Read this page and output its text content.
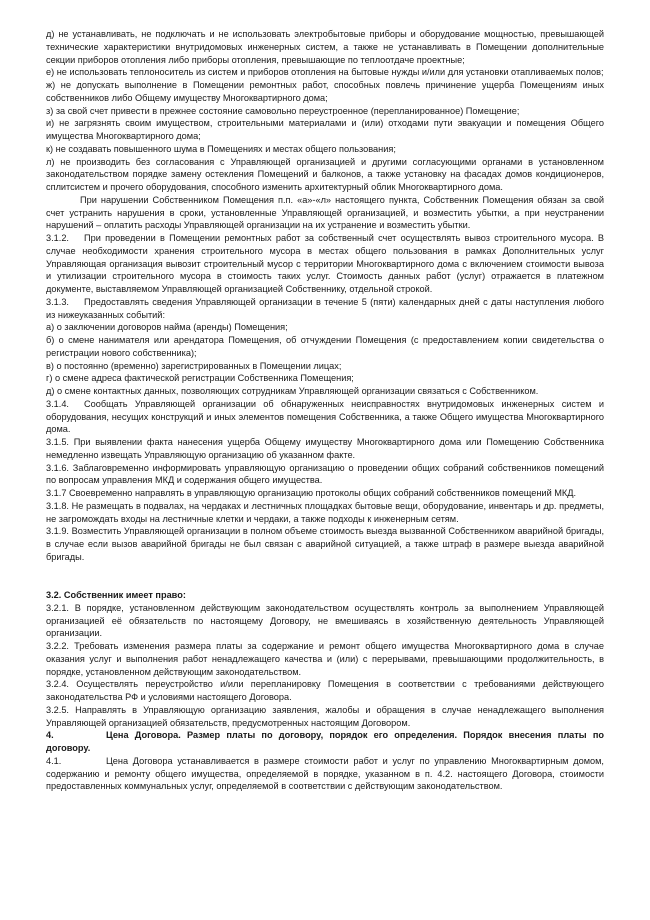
д) не устанавливать, не подключать и не использовать электробытовые приборы и оборудование мощностью, превышающей технические характеристики внутридомовых инженерных систем, а также не устанавливать в Помещении дополнительные секции приборов отопления либо приборы отопления, превышающие по теплоотдаче проектные;

е) не использовать теплоноситель из систем и приборов отопления на бытовые нужды и/или для установки отапливаемых полов;

ж) не допускать выполнение в Помещении ремонтных работ, способных повлечь причинение ущерба Помещениям иных собственников либо Общему имуществу Многоквартирного дома;

з) за свой счет привести в прежнее состояние самовольно переустроенное (перепланированное) Помещение;

и) не загрязнять своим имуществом, строительными материалами и (или) отходами пути эвакуации и помещения Общего имущества Многоквартирного дома;

к) не создавать повышенного шума в Помещениях и местах общего пользования;

л) не производить без согласования с Управляющей организацией и другими согласующими органами в установленном законодательством порядке замену остекления Помещений и балконов, а также установку на фасадах домов кондиционеров, сплитсистем и прочего оборудования, способного изменить архитектурный облик Многоквартирного дома.

При нарушении Собственником Помещения п.п. «а»-«л» настоящего пункта, Собственник Помещения обязан за свой счет устранить нарушения в сроки, установленные Управляющей организацией, и возместить убытки, а при неустранении нарушений – оплатить расходы Управляющей организации на их устранение и возместить убытки.

3.1.2. При проведении в Помещении ремонтных работ за собственный счет осуществлять вывоз строительного мусора. В случае необходимости хранения строительного мусора в местах общего пользования в рамках Дополнительных услуг Управляющая организация вывозит строительный мусор с территории Многоквартирного дома с включением стоимости вывоза и утилизации строительного мусора в стоимость таких услуг. Стоимость данных работ (услуг) отражается в платежном документе, выставляемом Управляющей организацией Собственнику, отдельной строкой.

3.1.3. Предоставлять сведения Управляющей организации в течение 5 (пяти) календарных дней с даты наступления любого из нижеуказанных событий:

а) о заключении договоров найма (аренды) Помещения;

б) о смене нанимателя или арендатора Помещения, об отчуждении Помещения (с предоставлением копии свидетельства о регистрации нового собственника);

в) о постоянно (временно) зарегистрированных в Помещении лицах;

г) о смене адреса фактической регистрации Собственника Помещения;

д) о смене контактных данных, позволяющих сотрудникам Управляющей организации связаться с Собственником.

3.1.4. Сообщать Управляющей организации об обнаруженных неисправностях внутридомовых инженерных систем и оборудования, несущих конструкций и иных элементов помещения Собственника, а также Общего имущества Многоквартирного дома.

3.1.5. При выявлении факта нанесения ущерба Общему имуществу Многоквартирного дома или Помещению Собственника немедленно извещать Управляющую организацию об указанном факте.

3.1.6. Заблаговременно информировать управляющую организацию о проведении общих собраний собственников помещений по вопросам управления МКД и содержания общего имущества.

3.1.7 Своевременно направлять в управляющую организацию протоколы общих собраний собственников помещений МКД.

3.1.8. Не размещать в подвалах, на чердаках и лестничных площадках бытовые вещи, оборудование, инвентарь и др. предметы, не загромождать входы на лестничные клетки и чердаки, а также подходы к инженерным сетям.

3.1.9. Возместить Управляющей организации в полном объеме стоимость выезда вызванной Собственником аварийной бригады, в случае если вызов аварийной бригады не был связан с аварийной ситуацией, а также штраф в размере выезда аварийной бригады.

3.2. Собственник имеет право:

3.2.1. В порядке, установленном действующим законодательством осуществлять контроль за выполнением Управляющей организацией её обязательств по настоящему Договору, не вмешиваясь в хозяйственную деятельность Управляющей организации.

3.2.2. Требовать изменения размера платы за содержание и ремонт общего имущества Многоквартирного дома в случае оказания услуг и выполнения работ ненадлежащего качества и (или) с перерывами, превышающими продолжительность, в порядке, установленном действующим законодательством.

3.2.4. Осуществлять переустройство и/или перепланировку Помещения в соответствии с требованиями действующего законодательства РФ и условиями настоящего Договора.

3.2.5. Направлять в Управляющую организацию заявления, жалобы и обращения в случае ненадлежащего выполнения Управляющей организацией обязательств, предусмотренных настоящим Договором.

4.	Цена Договора. Размер платы по договору, порядок его определения. Порядок внесения платы по договору.

4.1.	Цена Договора устанавливается в размере стоимости работ и услуг по управлению Многоквартирным домом, содержанию и ремонту общего имущества, определяемой в порядке, указанном в п. 4.2. настоящего Договора, стоимости предоставленных коммунальных услуг, определяемой в соответствии с действующим законодательством.
